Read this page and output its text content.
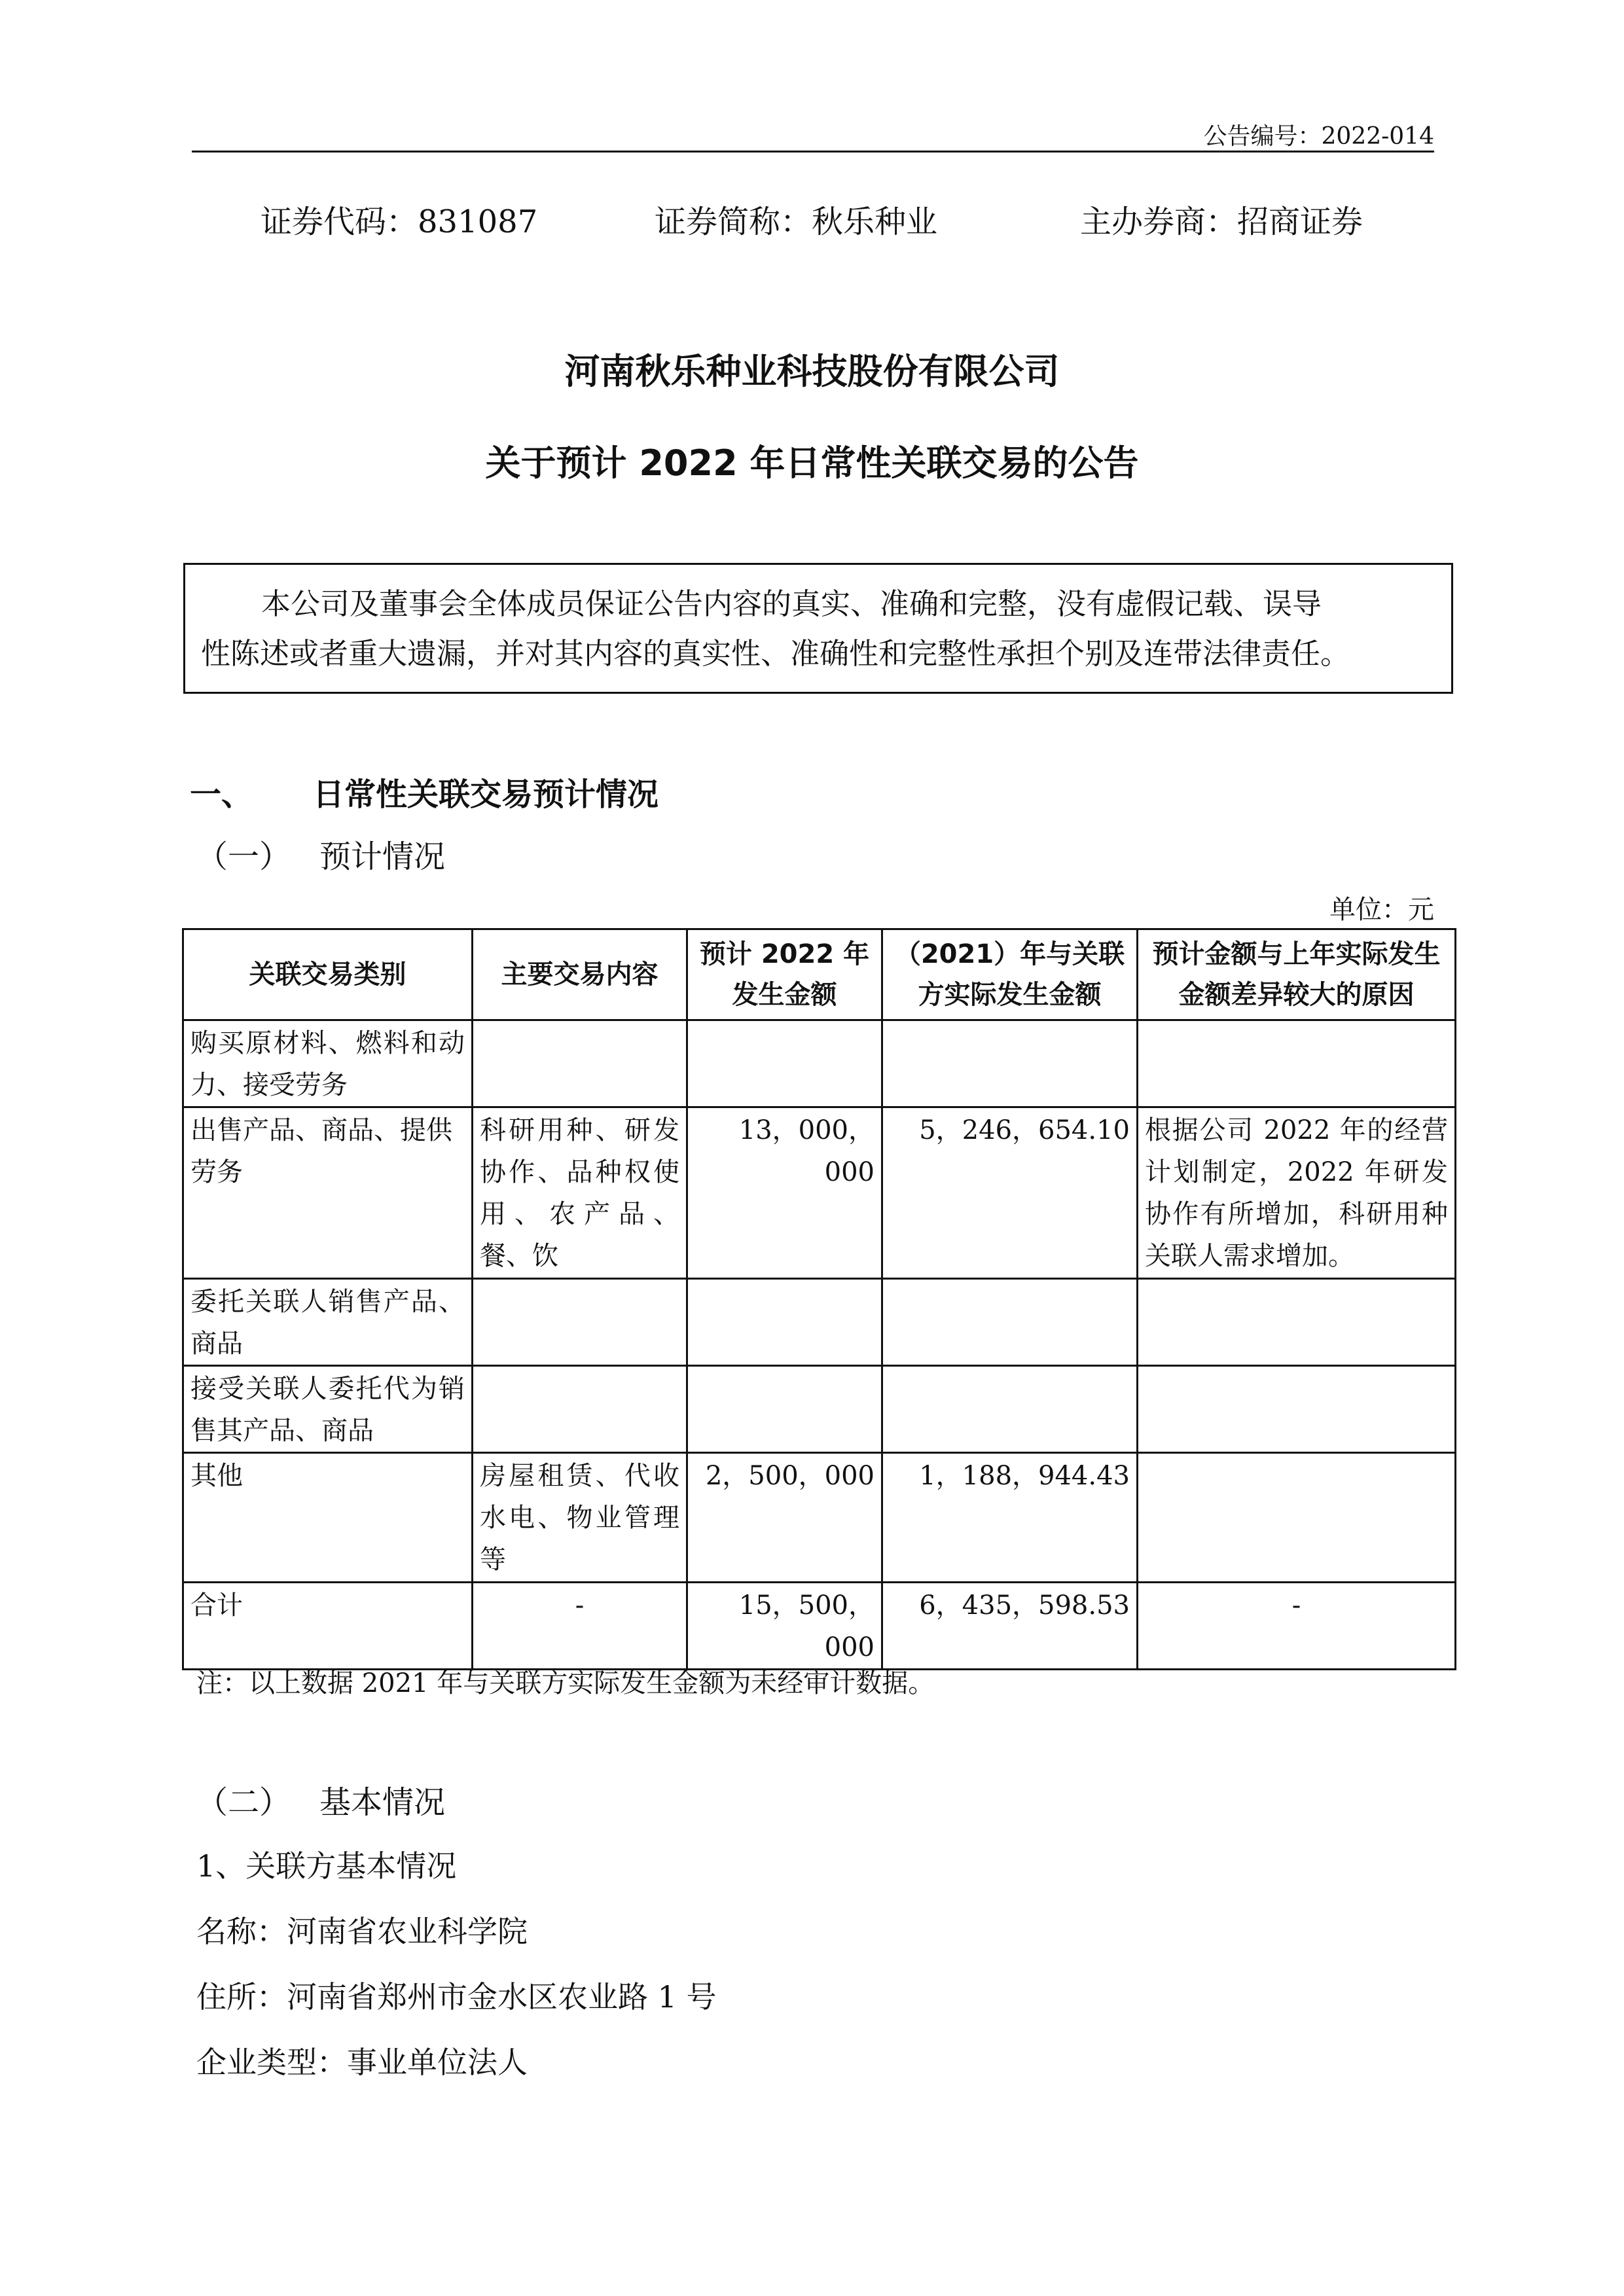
公告编号：2022-014
证券代码：831087	证券简称：秋乐种业	主办券商：招商证券
河南秋乐种业科技股份有限公司
关于预计 2022 年日常性关联交易的公告
本公司及董事会全体成员保证公告内容的真实、准确和完整，没有虚假记载、误导
性陈述或者重大遗漏，并对其内容的真实性、准确性和完整性承担个别及连带法律责任。
一、 日常性关联交易预计情况
（一） 预计情况
单位：元
关联交易类别	主要交易内容	预计 2022 年发生金额	（2021）年与关联方实际发生金额	预计金额与上年实际发生金额差异较大的原因
购买原材料、燃料和动力、接受劳务				
出售产品、商品、提供劳务	科研用种、研发协作、品种权使用、农产品、餐、饮	13，000，000	5，246，654.10	根据公司 2022 年的经营计划制定，2022 年研发协作有所增加，科研用种关联人需求增加。
委托关联人销售产品、商品				
接受关联人委托代为销售其产品、商品				
其他	房屋租赁、代收水电、物业管理等	2，500，000	1，188，944.43	
合计	-	15，500，000	6，435，598.53	-
注：以上数据 2021 年与关联方实际发生金额为未经审计数据。
（二） 基本情况
1、关联方基本情况
名称：河南省农业科学院
住所：河南省郑州市金水区农业路 1 号
企业类型：事业单位法人
